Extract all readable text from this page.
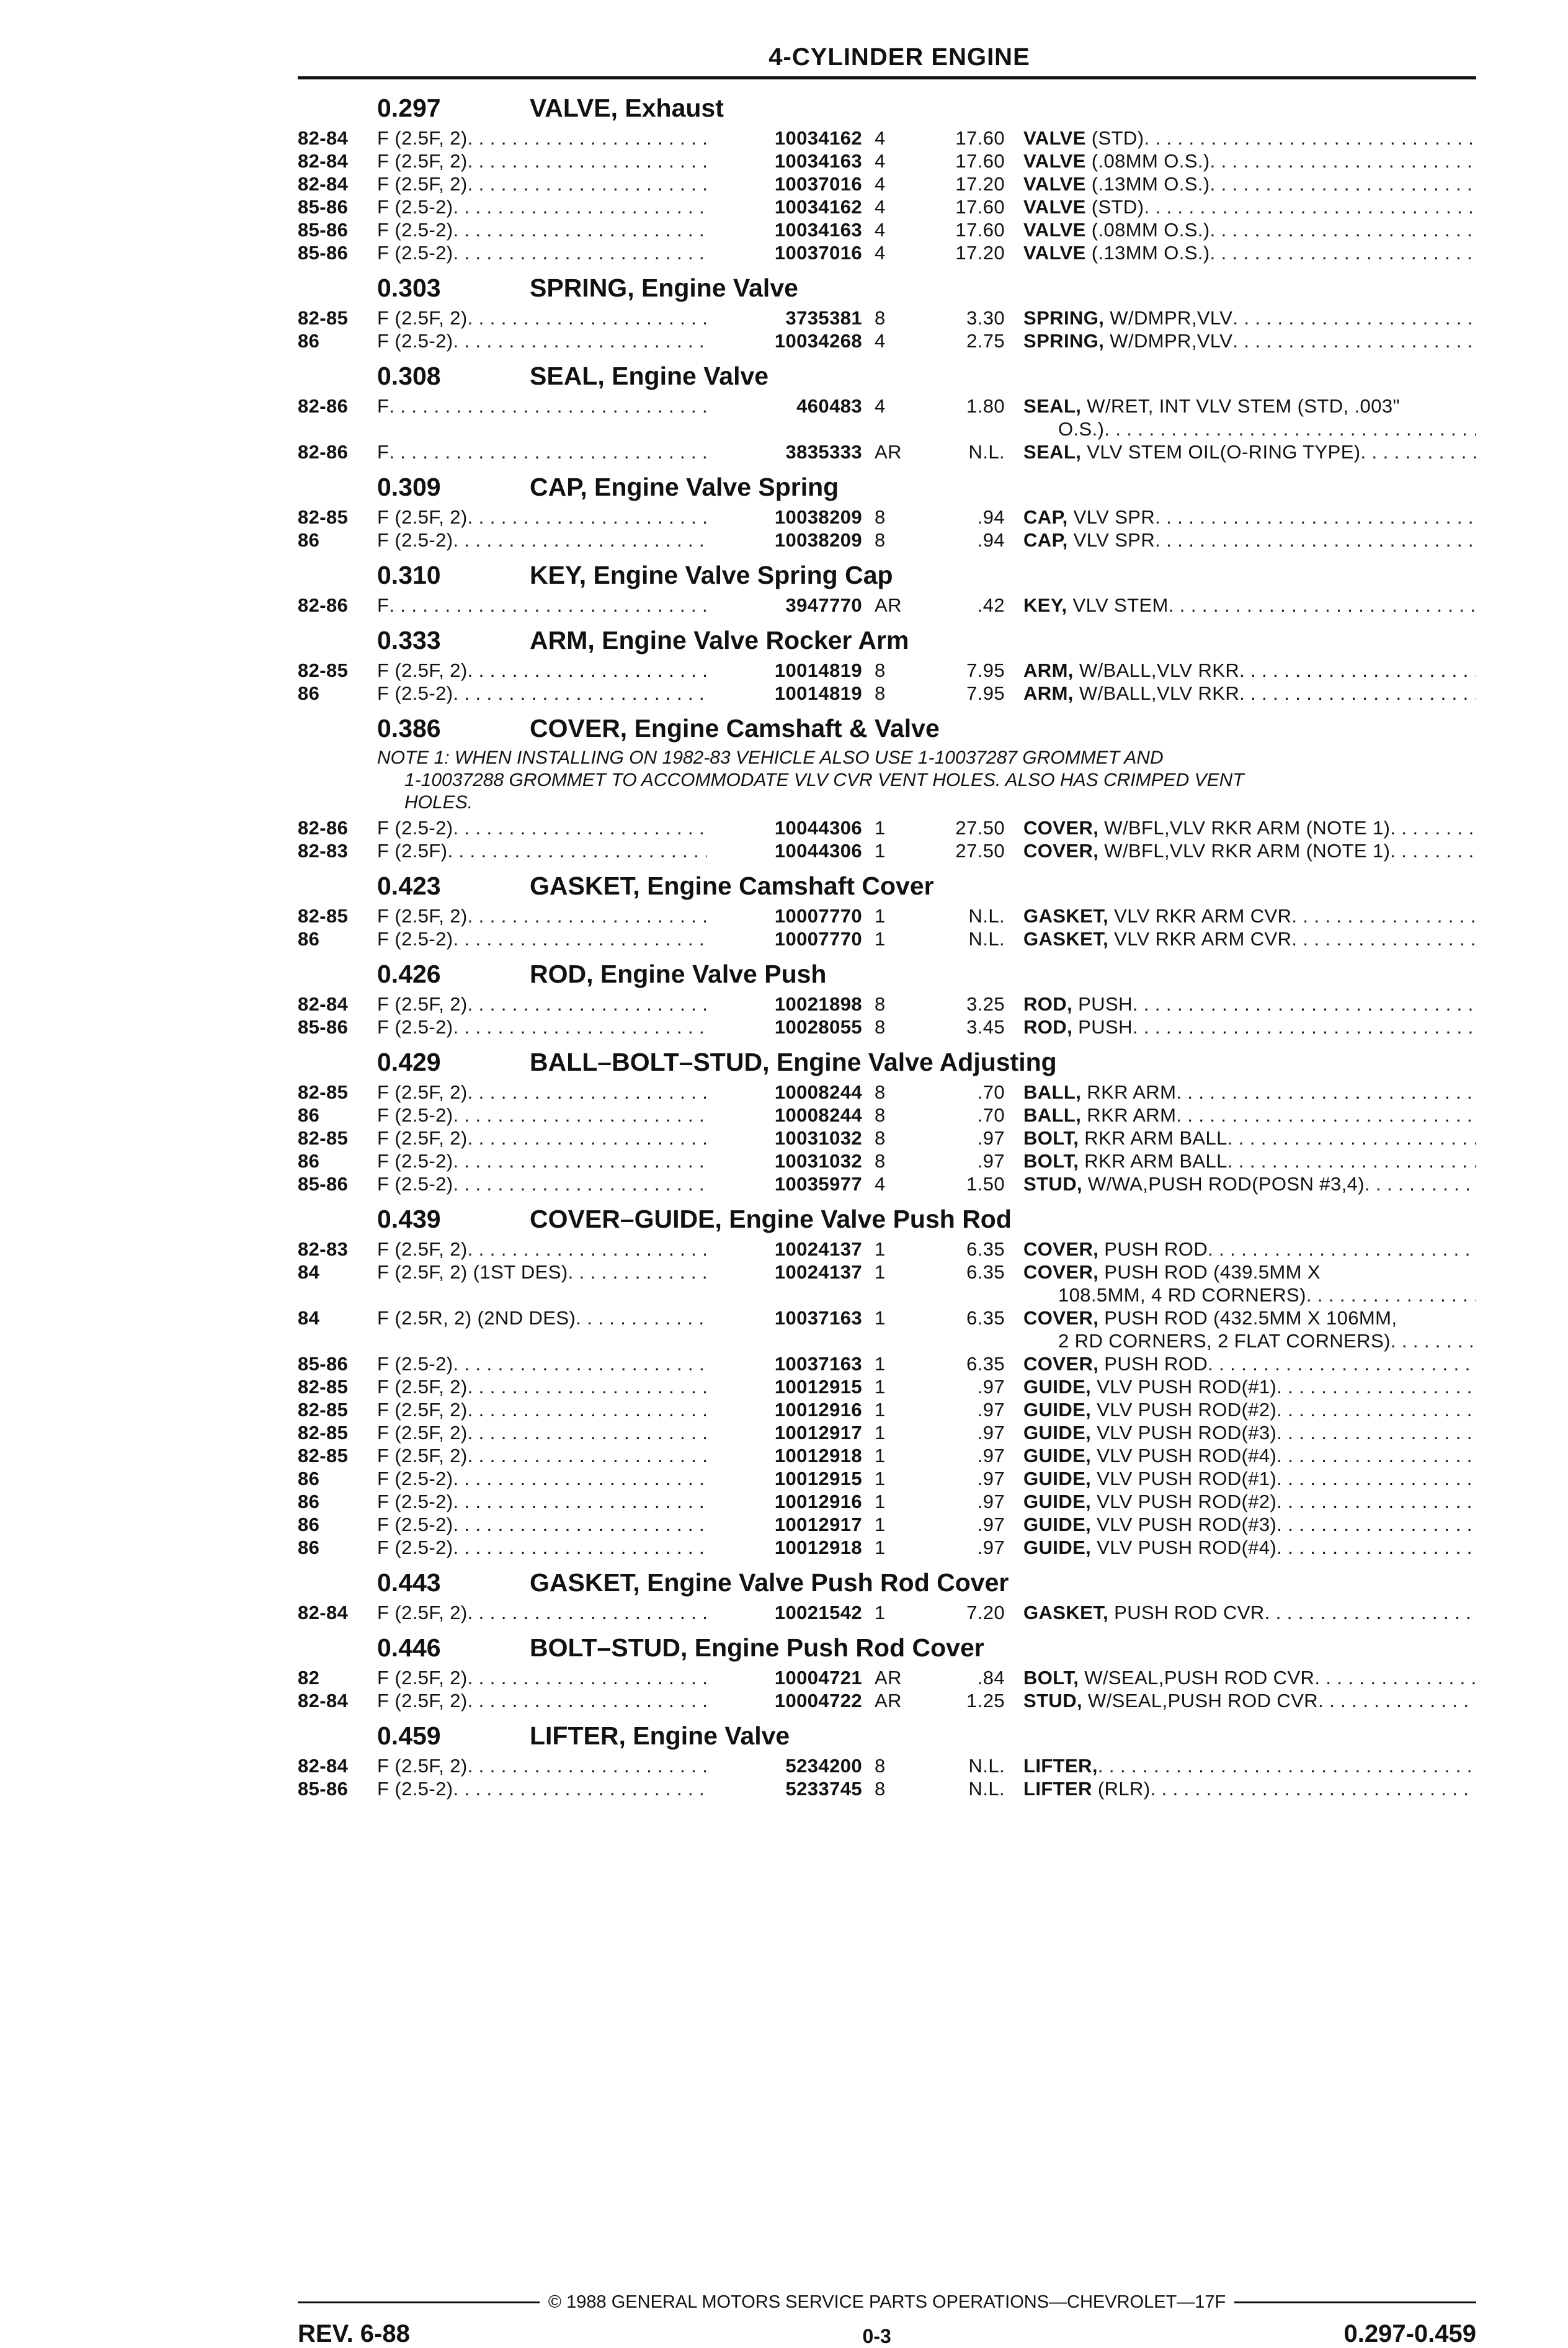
4-CYLINDER ENGINE
0.297	VALVE, Exhaust
82-84	F (2.5F, 2) . . .	10034162 4	17.60 VALVE (STD)
. . .
82-84	F (2.5F, 2) . . .	10034163 4	17.60 VALVE (.08MM O.S.)
. . .
82-84	F (2.5F, 2) . . .	10037016 4	17.20 VALVE (.13MM O.S.)
. . .
85-86	F (2.5-2) . . .	10034162 4	17.60 VALVE (STD)
. . .
85-86	F (2.5-2) . . .	10034163 4	17.60 VALVE (.08MM O.S.)
. . .
85-86	F (2.5-2) . . .	10037016 4	17.20 VALVE (.13MM O.S.)
. . .
0.303	SPRING, Engine Valve
82-85	F (2.5F, 2) . . .	3735381 8	3.30 SPRING, W/DMPR,VLV
. . .
86	F (2.5-2) . . .	10034268 4	2.75 SPRING, W/DMPR,VLV
. . .
0.308	SEAL, Engine Valve
82-86	F . . .	460483 4	1.80 SEAL, W/RET, INT VLV STEM (STD, .003"
O.S.)
. . .
82-86	F . . .	3835333 AR	N.L. SEAL, VLV STEM OIL(O-RING TYPE)
. . .
0.309	CAP, Engine Valve Spring
82-85	F (2.5F, 2) . . .	10038209 8	.94 CAP, VLV SPR
. . .
86	F (2.5-2) . . .	10038209 8	.94 CAP, VLV SPR
. . .
0.310	KEY, Engine Valve Spring Cap
82-86	F . . .	3947770 AR	.42 KEY, VLV STEM
. . .
0.333	ARM, Engine Valve Rocker Arm
82-85	F (2.5F, 2) . . .	10014819 8	7.95 ARM, W/BALL,VLV RKR
. . .
86	F (2.5-2) . . .	10014819 8	7.95 ARM, W/BALL,VLV RKR
. . .
0.386	COVER, Engine Camshaft & Valve
NOTE 1: WHEN INSTALLING ON 1982-83 VEHICLE ALSO USE 1-10037287 GROMMET AND
1-10037288 GROMMET TO ACCOMMODATE VLV CVR VENT HOLES. ALSO HAS CRIMPED VENT
HOLES.
82-86	F (2.5-2) . . .	10044306 1	27.50 COVER, W/BFL,VLV RKR ARM (NOTE 1)
. . .
82-83	F (2.5F) . . .	10044306 1	27.50 COVER, W/BFL,VLV RKR ARM (NOTE 1)
. . .
0.423	GASKET, Engine Camshaft Cover
82-85	F (2.5F, 2) . . .	10007770 1	N.L. GASKET, VLV RKR ARM CVR
. . .
86	F (2.5-2) . . .	10007770 1	N.L. GASKET, VLV RKR ARM CVR
. . .
0.426	ROD, Engine Valve Push
82-84	F (2.5F, 2) . . .	10021898 8	3.25 ROD, PUSH
. . .
85-86	F (2.5-2) . . .	10028055 8	3.45 ROD, PUSH
. . .
0.429	BALL–BOLT–STUD, Engine Valve Adjusting
82-85	F (2.5F, 2) . . .	10008244 8	.70 BALL, RKR ARM
. . .
86	F (2.5-2) . . .	10008244 8	.70 BALL, RKR ARM
. . .
82-85	F (2.5F, 2) . . .	10031032 8	.97 BOLT, RKR ARM BALL
. . .
86	F (2.5-2) . . .	10031032 8	.97 BOLT, RKR ARM BALL
. . .
85-86	F (2.5-2) . . .	10035977 4	1.50 STUD, W/WA,PUSH ROD(POSN #3,4)
. . .
0.439	COVER–GUIDE, Engine Valve Push Rod
82-83	F (2.5F, 2) . . .	10024137 1	6.35 COVER, PUSH ROD
. . .
84	F (2.5F, 2) (1ST DES) . . .	10024137 1	6.35 COVER, PUSH ROD (439.5MM X
108.5MM, 4 RD CORNERS)
. . .
84	F (2.5R, 2) (2ND DES) . . .	10037163 1	6.35 COVER, PUSH ROD (432.5MM X 106MM,
2 RD CORNERS, 2 FLAT CORNERS)
. . .
85-86	F (2.5-2) . . .	10037163 1	6.35 COVER, PUSH ROD
. . .
82-85	F (2.5F, 2) . . .	10012915 1	.97 GUIDE, VLV PUSH ROD(#1)
. . .
82-85	F (2.5F, 2) . . .	10012916 1	.97 GUIDE, VLV PUSH ROD(#2)
. . .
82-85	F (2.5F, 2) . . .	10012917 1	.97 GUIDE, VLV PUSH ROD(#3)
. . .
82-85	F (2.5F, 2) . . .	10012918 1	.97 GUIDE, VLV PUSH ROD(#4)
. . .
86	F (2.5-2) . . .	10012915 1	.97 GUIDE, VLV PUSH ROD(#1)
. . .
86	F (2.5-2) . . .	10012916 1	.97 GUIDE, VLV PUSH ROD(#2)
. . .
86	F (2.5-2) . . .	10012917 1	.97 GUIDE, VLV PUSH ROD(#3)
. . .
86	F (2.5-2) . . .	10012918 1	.97 GUIDE, VLV PUSH ROD(#4)
. . .
0.443	GASKET, Engine Valve Push Rod Cover
82-84	F (2.5F, 2) . . .	10021542 1	7.20 GASKET, PUSH ROD CVR
. . .
0.446	BOLT–STUD, Engine Push Rod Cover
82	F (2.5F, 2) . . .	10004721 AR	.84 BOLT, W/SEAL,PUSH ROD CVR
. . .
82-84	F (2.5F, 2) . . .	10004722 AR	1.25 STUD, W/SEAL,PUSH ROD CVR
. . .
0.459	LIFTER, Engine Valve
82-84	F (2.5F, 2) . . .	5234200 8	N.L. LIFTER,
. . .
85-86	F (2.5-2) . . .	5233745 8	N.L. LIFTER (RLR)
. . .
© 1988 GENERAL MOTORS SERVICE PARTS OPERATIONS—CHEVROLET—17F
REV. 6-88	0-3	0.297-0.459
